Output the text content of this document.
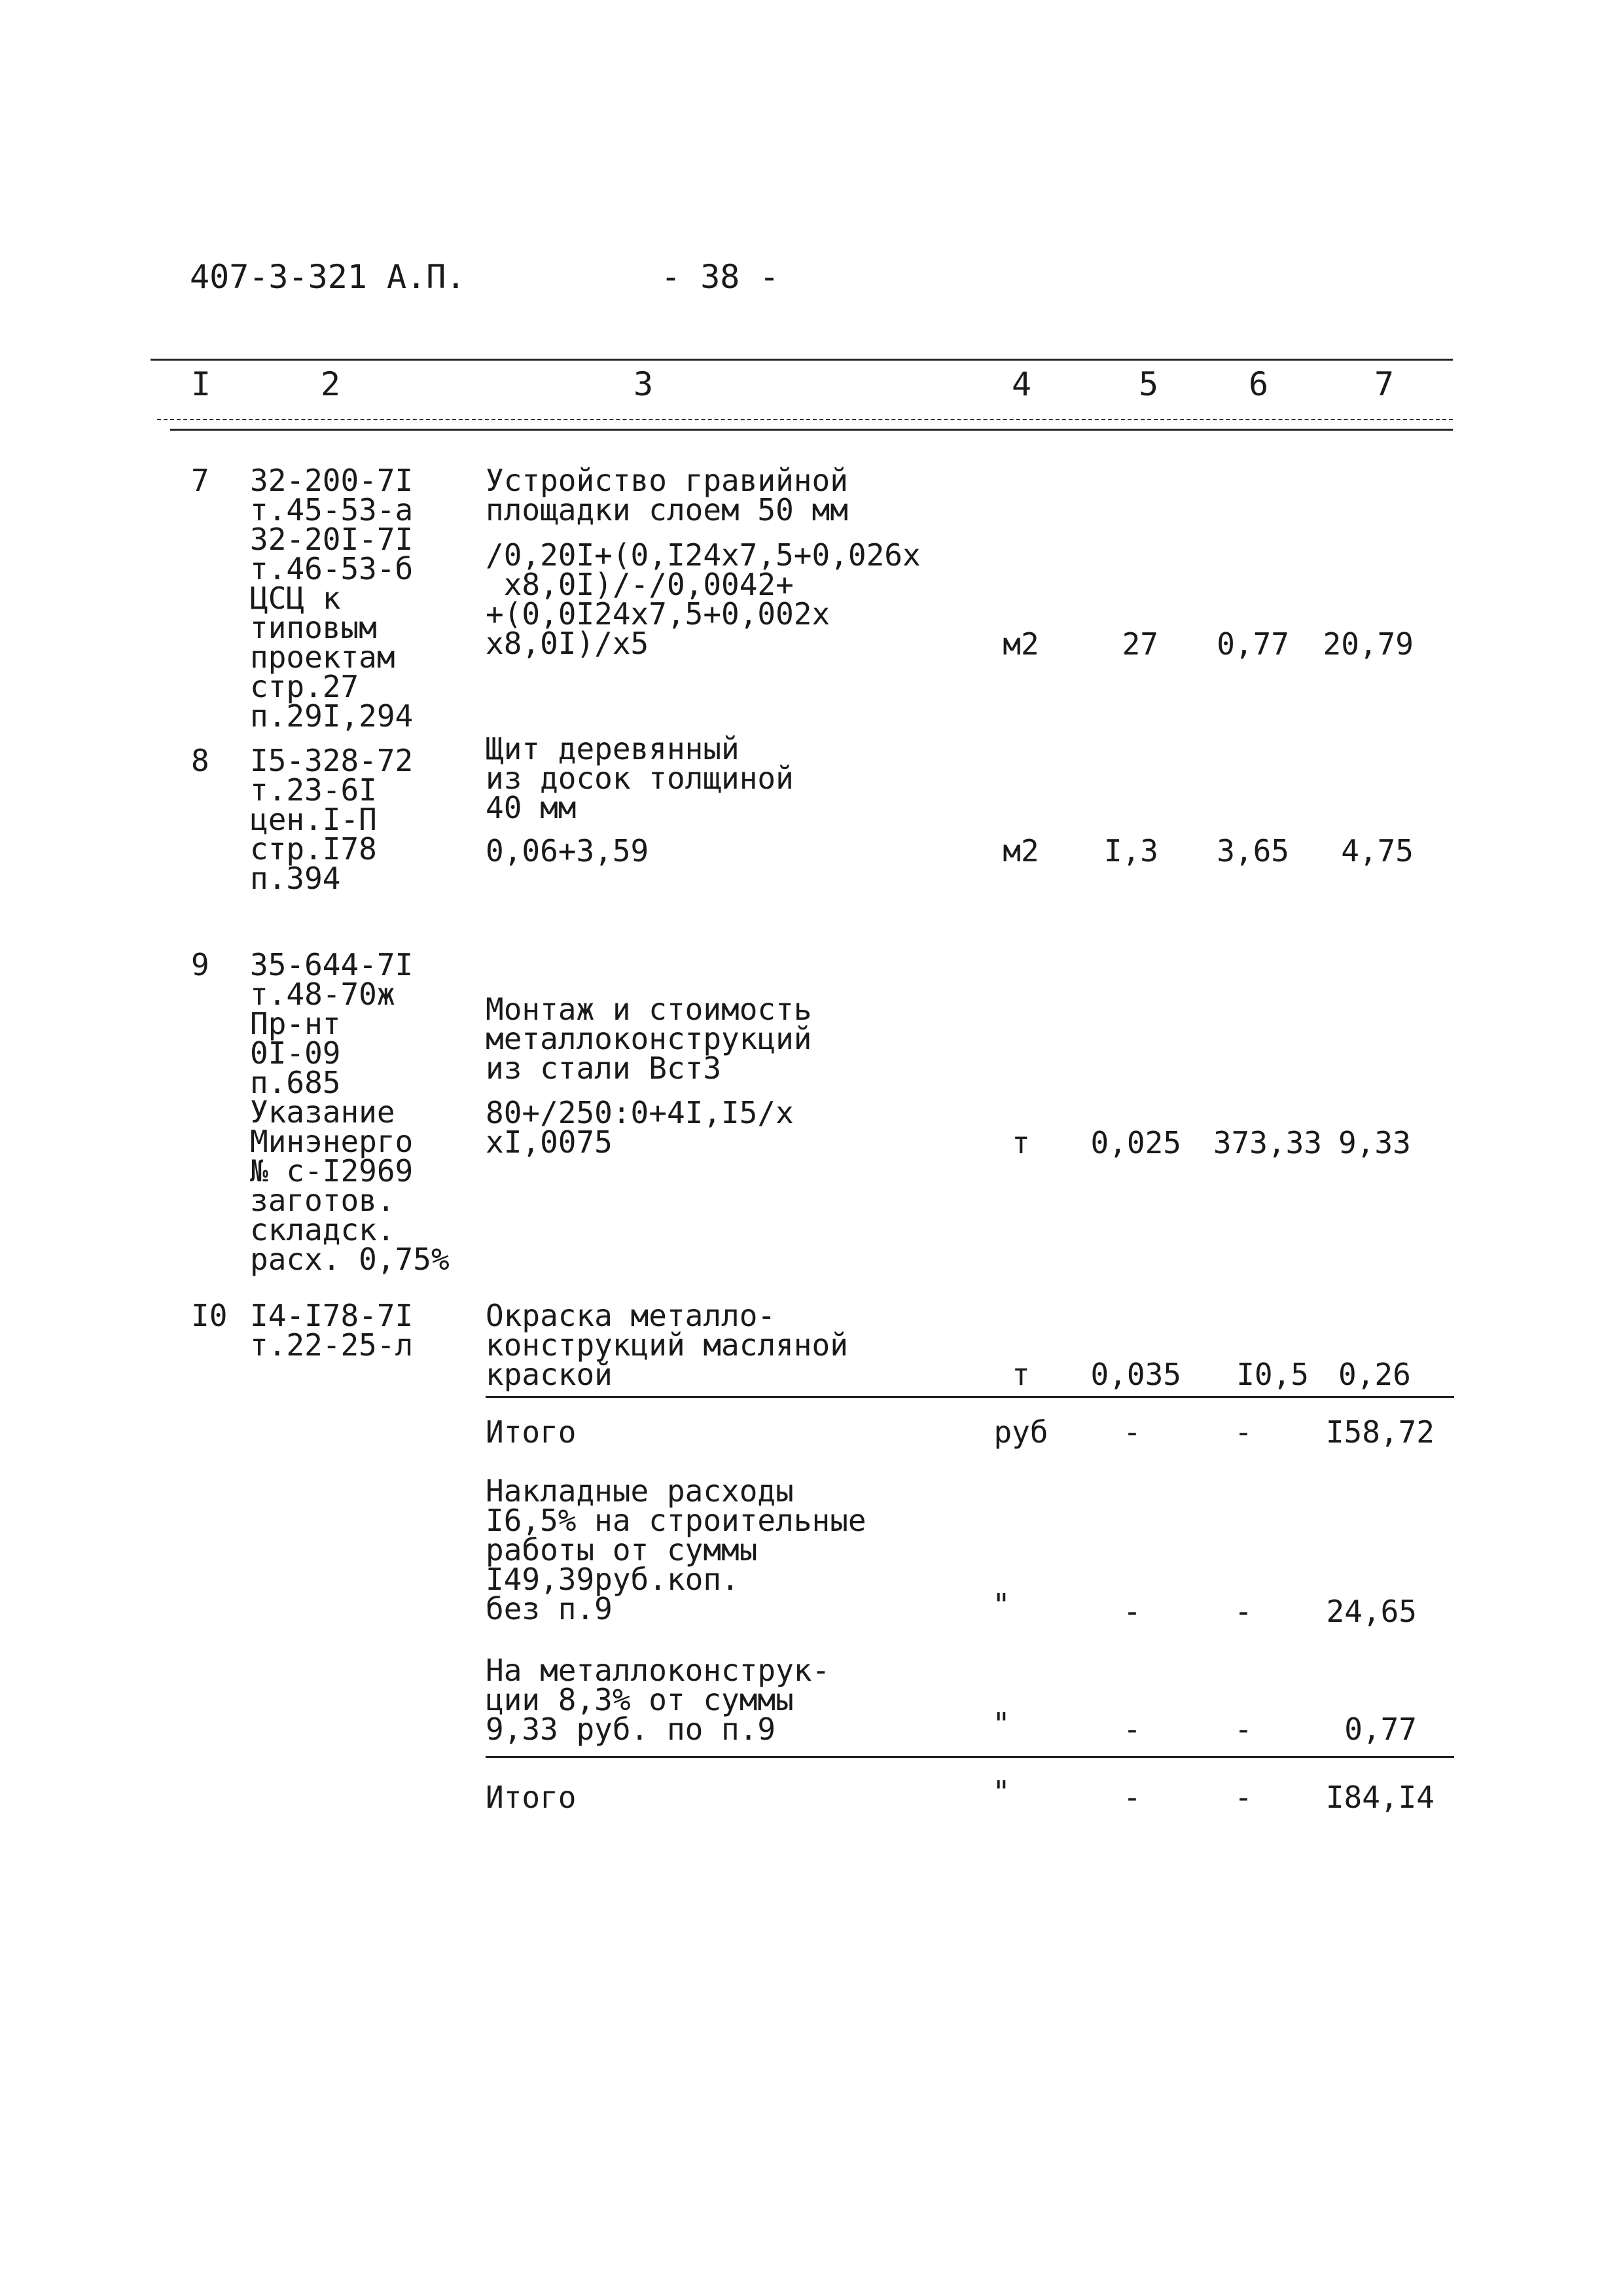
407-3-321 А.П.	- 38 -
I	2	3	4	5	6	7
7 32-200-7I
т.45-53-а
32-20I-7I
т.46-53-б
ЦСЦ к
типовым
проектам
стр.27
п.29I,294
Устройство гравийной
площадки слоем 50 мм
/0,20I+(0,I24х7,5+0,026х
х8,0I)/-/0,0042+
+(0,0I24х7,5+0,002х
х8,0I)/х5	м2	27	0,77 20,79
8 I5-328-72
т.23-6I
цен.I-П
стр.I78
п.394
Щит деревянный
из досок толщиной
40 мм
0,06+3,59	м2	I,3	3,65	4,75
9 35-644-7I
т.48-70ж
Пр-нт
0I-09
п.685
Указание
Минэнерго
№ с-I2969
заготов.
складск.
расх. 0,75%
Монтаж и стоимость
металлоконструкций
из стали Вст3
80+/250:0+4I,I5/х
хI,0075	т	0,025	373,33 9,33
I0 I4-I78-7I
т.22-25-л
Окраска металло-
конструкций масляной
краской	т	0,035	I0,5 0,26
Итого	руб	-	-	I58,72
Накладные расходы
I6,5% на строительные
работы от суммы
I49,39руб.коп.
без п.9	"	-	-	24,65
На металлоконструк-
ции 8,3% от суммы
9,33 руб. по п.9	"	-	-	0,77
Итого	"	-	-	I84,I4
